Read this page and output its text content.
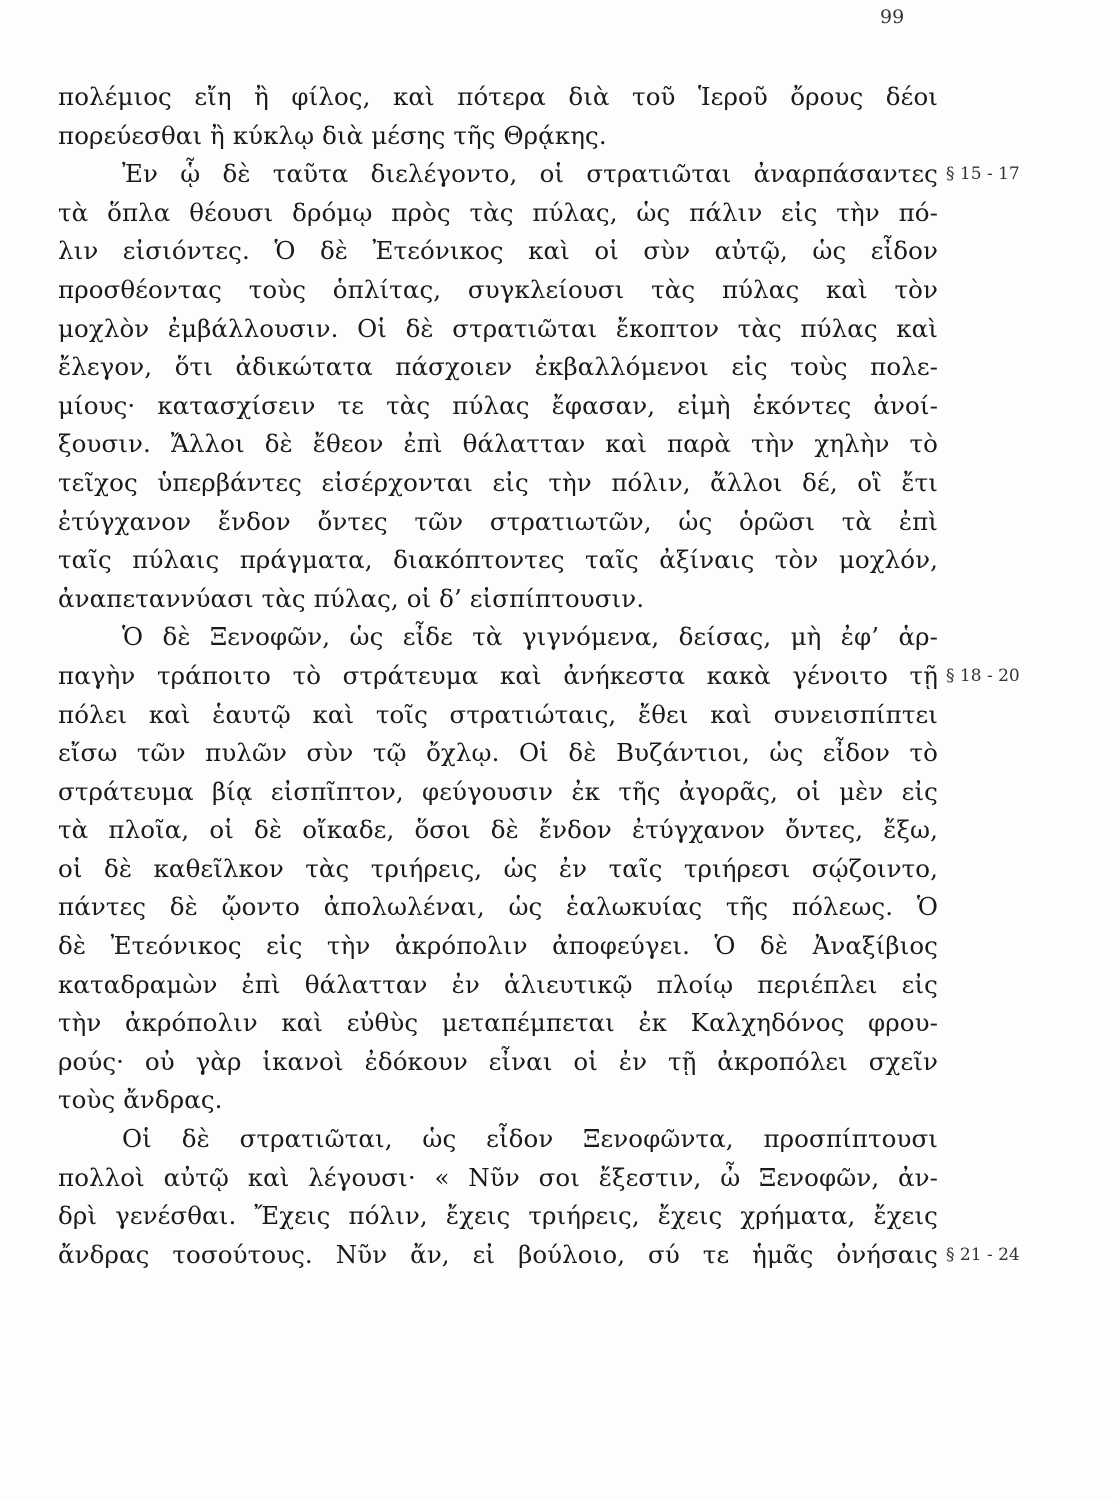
99
πολέμιος εἴη ἢ φίλος, καὶ πότερα διὰ τοῦ Ἱεροῦ ὄρους δέοι
πορεύεσθαι ἢ κύκλῳ διὰ μέσης τῆς Θρᾴκης.
Ἐν ᾧ δὲ ταῦτα διελέγοντο, οἱ στρατιῶται ἀναρπάσαντες
τὰ ὅπλα θέουσι δρόμῳ πρὸς τὰς πύλας, ὡς πάλιν εἰς τὴν πό-
λιν εἰσιόντες. Ὁ δὲ Ἐτεόνικος καὶ οἱ σὺν αὐτῷ, ὡς εἶδον
προσθέοντας τοὺς ὁπλίτας, συγκλείουσι τὰς πύλας καὶ τὸν
μοχλὸν ἐμβάλλουσιν. Οἱ δὲ στρατιῶται ἔκοπτον τὰς πύλας καὶ
ἔλεγον, ὅτι ἀδικώτατα πάσχοιεν ἐκβαλλόμενοι εἰς τοὺς πολε-
μίους· κατασχίσειν τε τὰς πύλας ἔφασαν, εἰμὴ ἑκόντες ἀνοί-
ξουσιν. Ἄλλοι δὲ ἔθεον ἐπὶ θάλατταν καὶ παρὰ τὴν χηλὴν τὸ
τεῖχος ὑπερβάντες εἰσέρχονται εἰς τὴν πόλιν, ἄλλοι δέ, οἳ ἔτι
ἐτύγχανον ἔνδον ὄντες τῶν στρατιωτῶν, ὡς ὁρῶσι τὰ ἐπὶ
ταῖς πύλαις πράγματα, διακόπτοντες ταῖς ἀξίναις τὸν μοχλόν,
ἀναπεταννύασι τὰς πύλας, οἱ δ’ εἰσπίπτουσιν.
Ὁ δὲ Ξενοφῶν, ὡς εἶδε τὰ γιγνόμενα, δείσας, μὴ ἐφ’ ἁρ-
παγὴν τράποιτο τὸ στράτευμα καὶ ἀνήκεστα κακὰ γένοιτο τῇ
πόλει καὶ ἑαυτῷ καὶ τοῖς στρατιώταις, ἔθει καὶ συνεισπίπτει
εἴσω τῶν πυλῶν σὺν τῷ ὄχλῳ. Οἱ δὲ Βυζάντιοι, ὡς εἶδον τὸ
στράτευμα βίᾳ εἰσπῖπτον, φεύγουσιν ἐκ τῆς ἀγορᾶς, οἱ μὲν εἰς
τὰ πλοῖα, οἱ δὲ οἴκαδε, ὅσοι δὲ ἔνδον ἐτύγχανον ὄντες, ἔξω,
οἱ δὲ καθεῖλκον τὰς τριήρεις, ὡς ἐν ταῖς τριήρεσι σῴζοιντο,
πάντες δὲ ᾤοντο ἀπολωλέναι, ὡς ἑαλωκυίας τῆς πόλεως. Ὁ
δὲ Ἐτεόνικος εἰς τὴν ἀκρόπολιν ἀποφεύγει. Ὁ δὲ Ἀναξίβιος
καταδραμὼν ἐπὶ θάλατταν ἐν ἁλιευτικῷ πλοίῳ περιέπλει εἰς
τὴν ἀκρόπολιν καὶ εὐθὺς μεταπέμπεται ἐκ Καλχηδόνος φρου-
ρούς· οὐ γὰρ ἱκανοὶ ἐδόκουν εἶναι οἱ ἐν τῇ ἀκροπόλει σχεῖν
τοὺς ἄνδρας.
Οἱ δὲ στρατιῶται, ὡς εἶδον Ξενοφῶντα, προσπίπτουσι
πολλοὶ αὐτῷ καὶ λέγουσι· « Νῦν σοι ἔξεστιν, ὦ Ξενοφῶν, ἀν-
δρὶ γενέσθαι. Ἔχεις πόλιν, ἔχεις τριήρεις, ἔχεις χρήματα, ἔχεις
ἄνδρας τοσούτους. Νῦν ἄν, εἰ βούλοιο, σύ τε ἡμᾶς ὀνήσαις
§ 15 - 17
§ 18 - 20
§ 21 - 24
